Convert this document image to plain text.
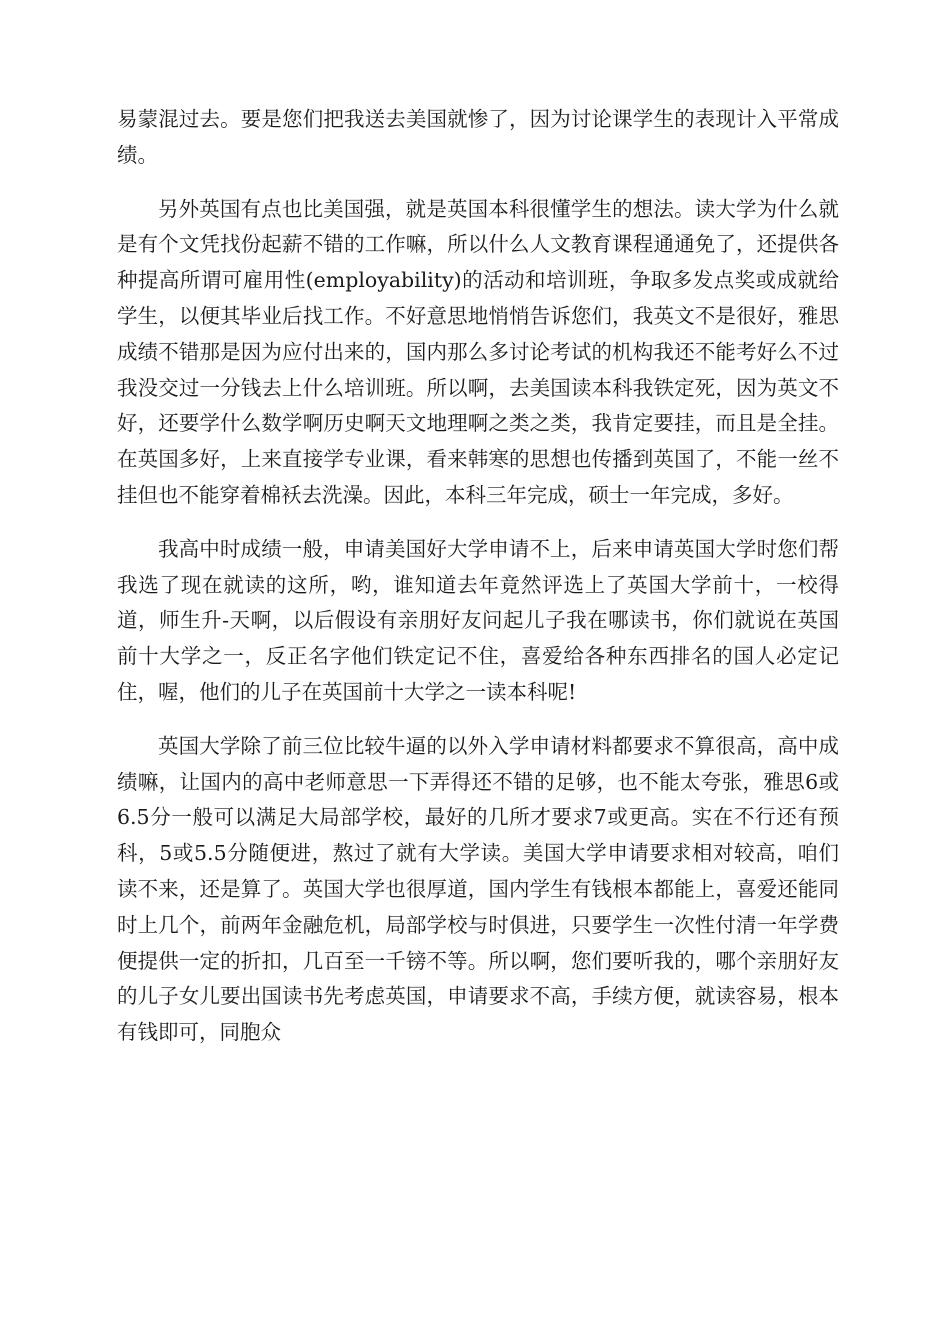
易蒙混过去。要是您们把我送去美国就惨了，因为讨论课学生的表现计入平常成绩。

另外英国有点也比美国强，就是英国本科很懂学生的想法。读大学为什么就是有个文凭找份起薪不错的工作嘛，所以什么人文教育课程通通免了，还提供各种提高所谓可雇用性(employability)的活动和培训班，争取多发点奖或成就给学生，以便其毕业后找工作。不好意思地悄悄告诉您们，我英文不是很好，雅思成绩不错那是因为应付出来的，国内那么多讨论考试的机构我还不能考好么不过我没交过一分钱去上什么培训班。所以啊，去美国读本科我铁定死，因为英文不好，还要学什么数学啊历史啊天文地理啊之类之类，我肯定要挂，而且是全挂。在英国多好，上来直接学专业课，看来韩寒的思想也传播到英国了，不能一丝不挂但也不能穿着棉袄去洗澡。因此，本科三年完成，硕士一年完成，多好。

我高中时成绩一般，申请美国好大学申请不上，后来申请英国大学时您们帮我选了现在就读的这所，哟，谁知道去年竟然评选上了英国大学前十，一校得道，师生升-天啊，以后假设有亲朋好友问起儿子我在哪读书，你们就说在英国前十大学之一，反正名字他们铁定记不住，喜爱给各种东西排名的国人必定记住，喔，他们的儿子在英国前十大学之一读本科呢!

英国大学除了前三位比较牛逼的以外入学申请材料都要求不算很高，高中成绩嘛，让国内的高中老师意思一下弄得还不错的足够，也不能太夸张，雅思6或6.5分一般可以满足大局部学校，最好的几所才要求7或更高。实在不行还有预科，5或5.5分随便进，熬过了就有大学读。美国大学申请要求相对较高，咱们读不来，还是算了。英国大学也很厚道，国内学生有钱根本都能上，喜爱还能同时上几个，前两年金融危机，局部学校与时俱进，只要学生一次性付清一年学费便提供一定的折扣，几百至一千镑不等。所以啊，您们要听我的，哪个亲朋好友的儿子女儿要出国读书先考虑英国，申请要求不高，手续方便，就读容易，根本有钱即可，同胞众
